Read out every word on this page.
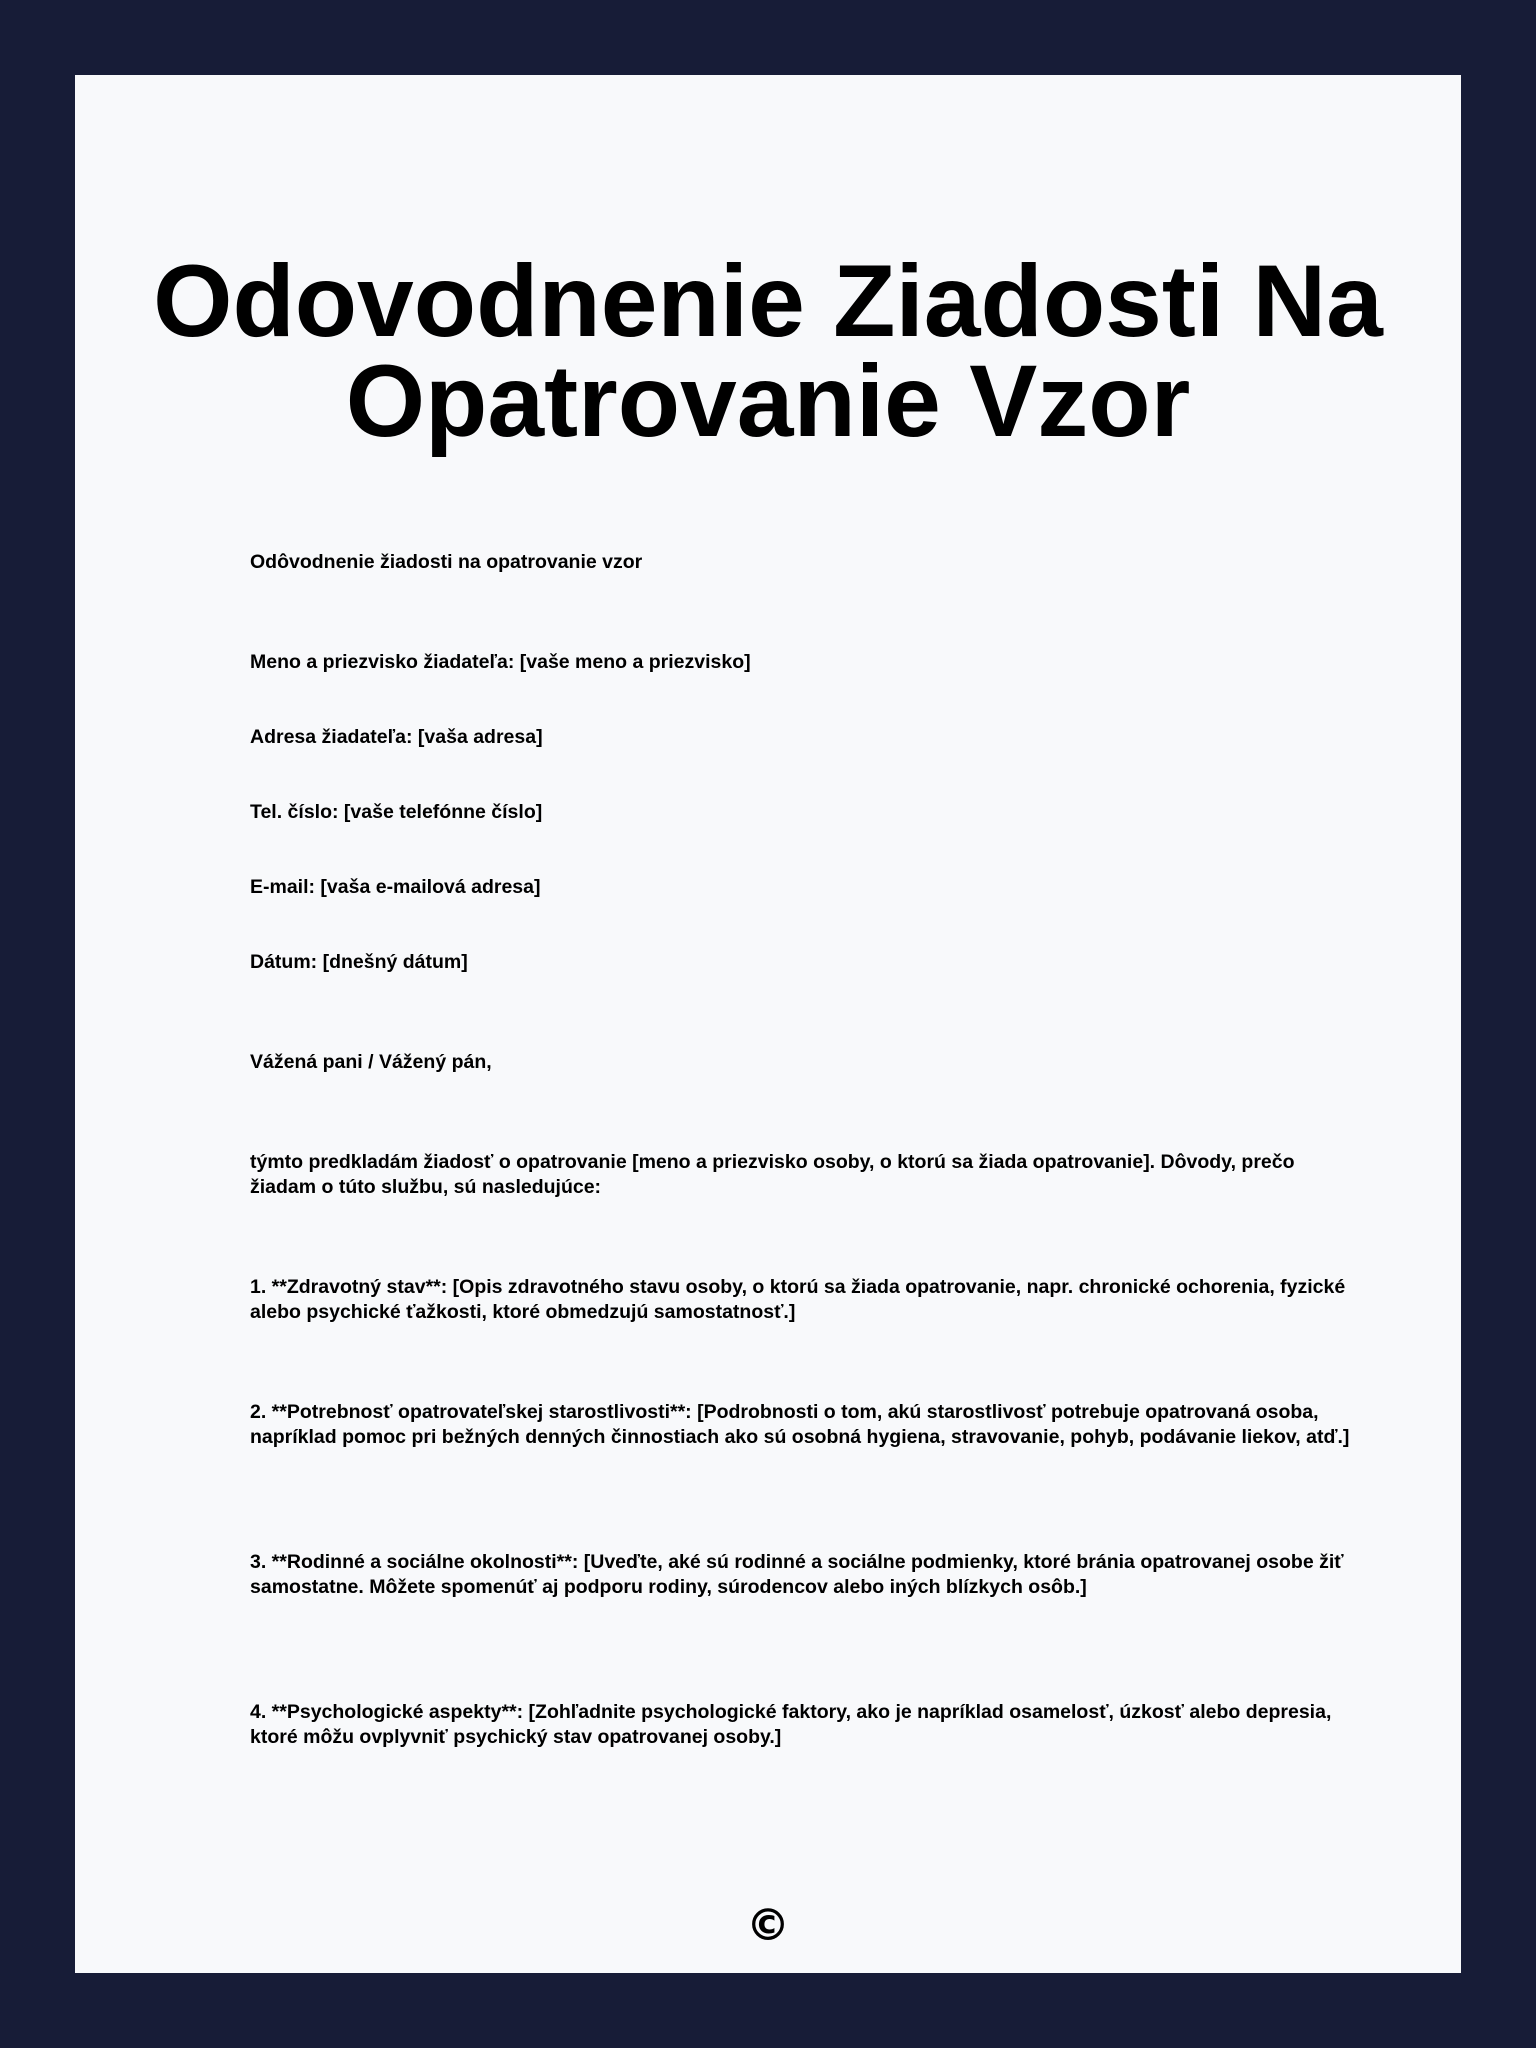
Odovodnenie Ziadosti Na Opatrovanie Vzor

Odôvodnenie žiadosti na opatrovanie vzor

Meno a priezvisko žiadateľa: [vaše meno a priezvisko]

Adresa žiadateľa: [vaša adresa]

Tel. číslo: [vaše telefónne číslo]

E-mail: [vaša e-mailová adresa]

Dátum: [dnešný dátum]

Vážená pani / Vážený pán,

týmto predkladám žiadosť o opatrovanie [meno a priezvisko osoby, o ktorú sa žiada opatrovanie]. Dôvody, prečo žiadam o túto službu, sú nasledujúce:

1. **Zdravotný stav**: [Opis zdravotného stavu osoby, o ktorú sa žiada opatrovanie, napr. chronické ochorenia, fyzické alebo psychické ťažkosti, ktoré obmedzujú samostatnosť.]

2. **Potrebnosť opatrovateľskej starostlivosti**: [Podrobnosti o tom, akú starostlivosť potrebuje opatrovaná osoba, napríklad pomoc pri bežných denných činnostiach ako sú osobná hygiena, stravovanie, pohyb, podávanie liekov, atď.]

3. **Rodinné a sociálne okolnosti**: [Uveďte, aké sú rodinné a sociálne podmienky, ktoré bránia opatrovanej osobe žiť samostatne. Môžete spomenúť aj podporu rodiny, súrodencov alebo iných blízkych osôb.]

4. **Psychologické aspekty**: [Zohľadnite psychologické faktory, ako je napríklad osamelosť, úzkosť alebo depresia, ktoré môžu ovplyvniť psychický stav opatrovanej osoby.]

©
